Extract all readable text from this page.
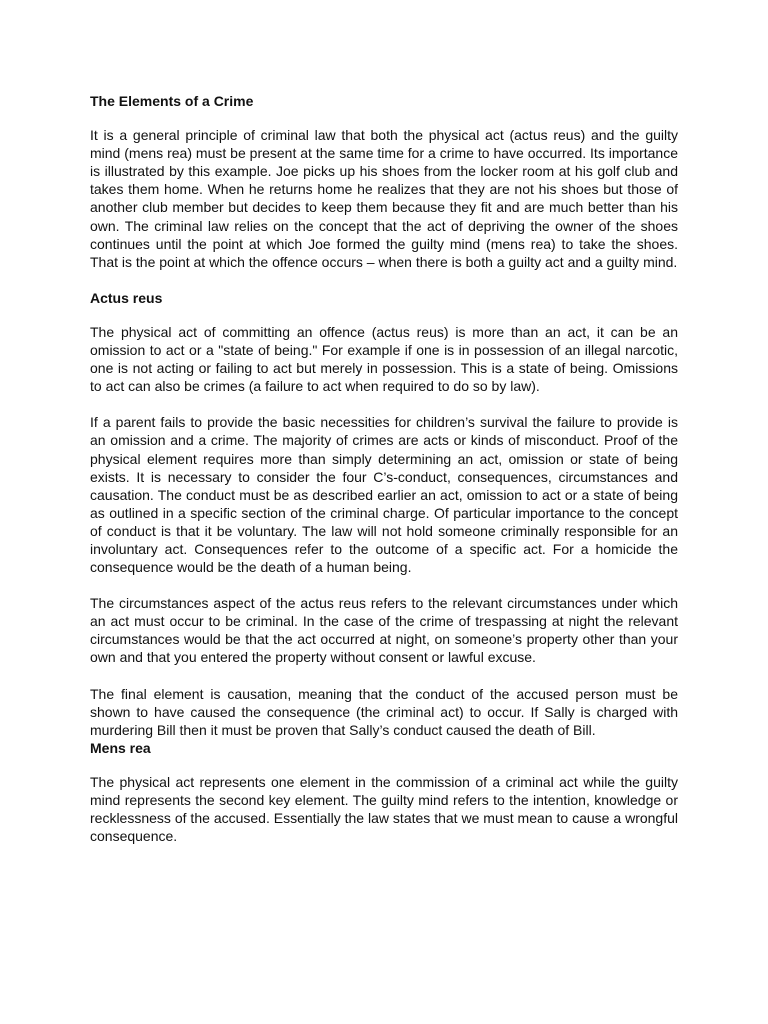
The Elements of a Crime

It is a general principle of criminal law that both the physical act (actus reus) and the guilty mind (mens rea) must be present at the same time for a crime to have occurred. Its importance is illustrated by this example. Joe picks up his shoes from the locker room at his golf club and takes them home. When he returns home he realizes that they are not his shoes but those of another club member but decides to keep them because they fit and are much better than his own. The criminal law relies on the concept that the act of depriving the owner of the shoes continues until the point at which Joe formed the guilty mind (mens rea) to take the shoes. That is the point at which the offence occurs – when there is both a guilty act and a guilty mind.

Actus reus

The physical act of committing an offence (actus reus) is more than an act, it can be an omission to act or a "state of being." For example if one is in possession of an illegal narcotic, one is not acting or failing to act but merely in possession. This is a state of being. Omissions to act can also be crimes (a failure to act when required to do so by law).

If a parent fails to provide the basic necessities for children’s survival the failure to provide is an omission and a crime. The majority of crimes are acts or kinds of misconduct. Proof of the physical element requires more than simply determining an act, omission or state of being exists. It is necessary to consider the four C’s-conduct, consequences, circumstances and causation. The conduct must be as described earlier an act, omission to act or a state of being as outlined in a specific section of the criminal charge. Of particular importance to the concept of conduct is that it be voluntary. The law will not hold someone criminally responsible for an involuntary act. Consequences refer to the outcome of a specific act. For a homicide the consequence would be the death of a human being.

The circumstances aspect of the actus reus refers to the relevant circumstances under which an act must occur to be criminal. In the case of the crime of trespassing at night the relevant circumstances would be that the act occurred at night, on someone’s property other than your own and that you entered the property without consent or lawful excuse.

The final element is causation, meaning that the conduct of the accused person must be shown to have caused the consequence (the criminal act) to occur. If Sally is charged with murdering Bill then it must be proven that Sally’s conduct caused the death of Bill.

Mens rea

The physical act represents one element in the commission of a criminal act while the guilty mind represents the second key element. The guilty mind refers to the intention, knowledge or recklessness of the accused. Essentially the law states that we must mean to cause a wrongful consequence.
